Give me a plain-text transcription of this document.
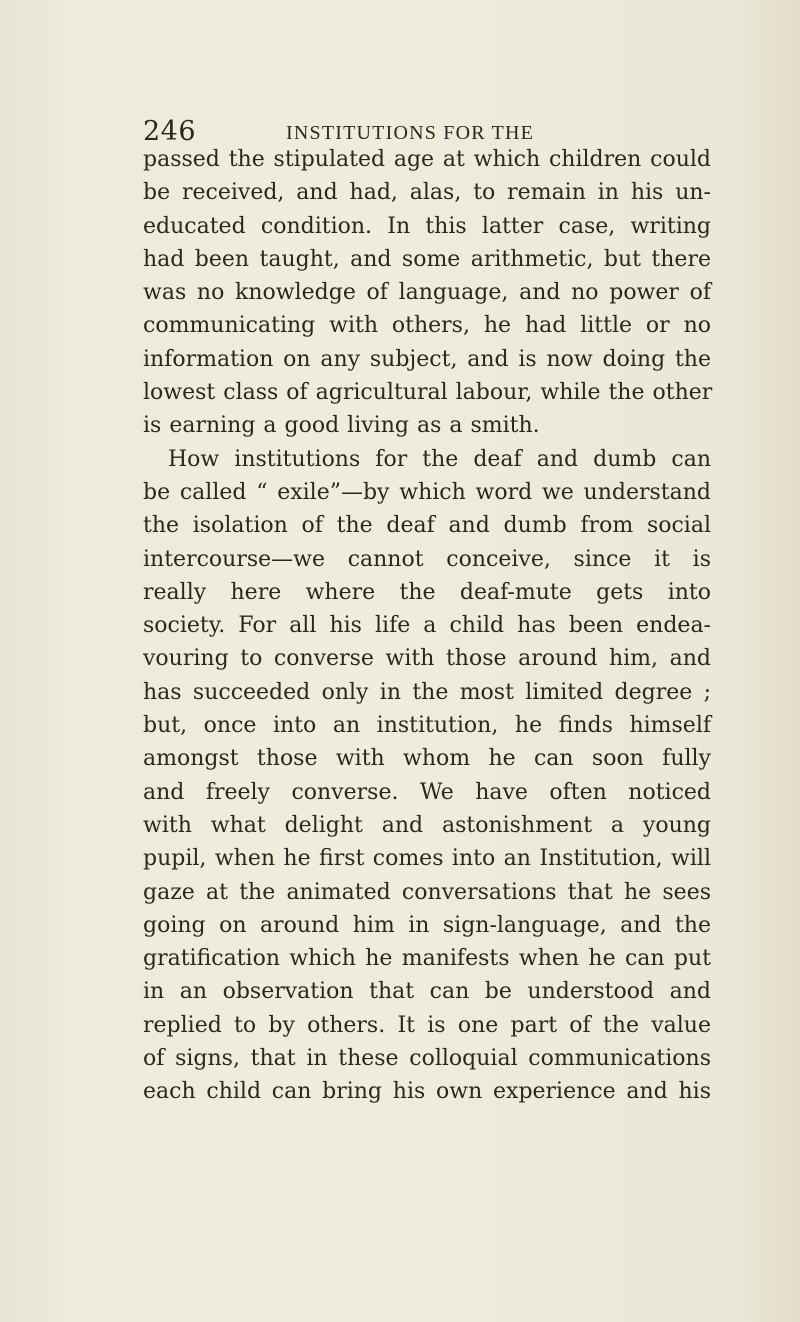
246	INSTITUTIONS FOR THE
passed the stipulated age at which children could
be received, and had, alas, to remain in his un-
educated condition. In this latter case, writing
had been taught, and some arithmetic, but there
was no knowledge of language, and no power of
communicating with others, he had little or no
information on any subject, and is now doing the
lowest class of agricultural labour, while the other
is earning a good living as a smith.
How institutions for the deaf and dumb can
be called “ exile”—by which word we understand
the isolation of the deaf and dumb from social
intercourse—we cannot conceive, since it is
really here where the deaf-mute gets into
society. For all his life a child has been endea-
vouring to converse with those around him, and
has succeeded only in the most limited degree ;
but, once into an institution, he finds himself
amongst those with whom he can soon fully
and freely converse. We have often noticed
with what delight and astonishment a young
pupil, when he first comes into an Institution, will
gaze at the animated conversations that he sees
going on around him in sign-language, and the
gratification which he manifests when he can put
in an observation that can be understood and
replied to by others. It is one part of the value
of signs, that in these colloquial communications
each child can bring his own experience and his
